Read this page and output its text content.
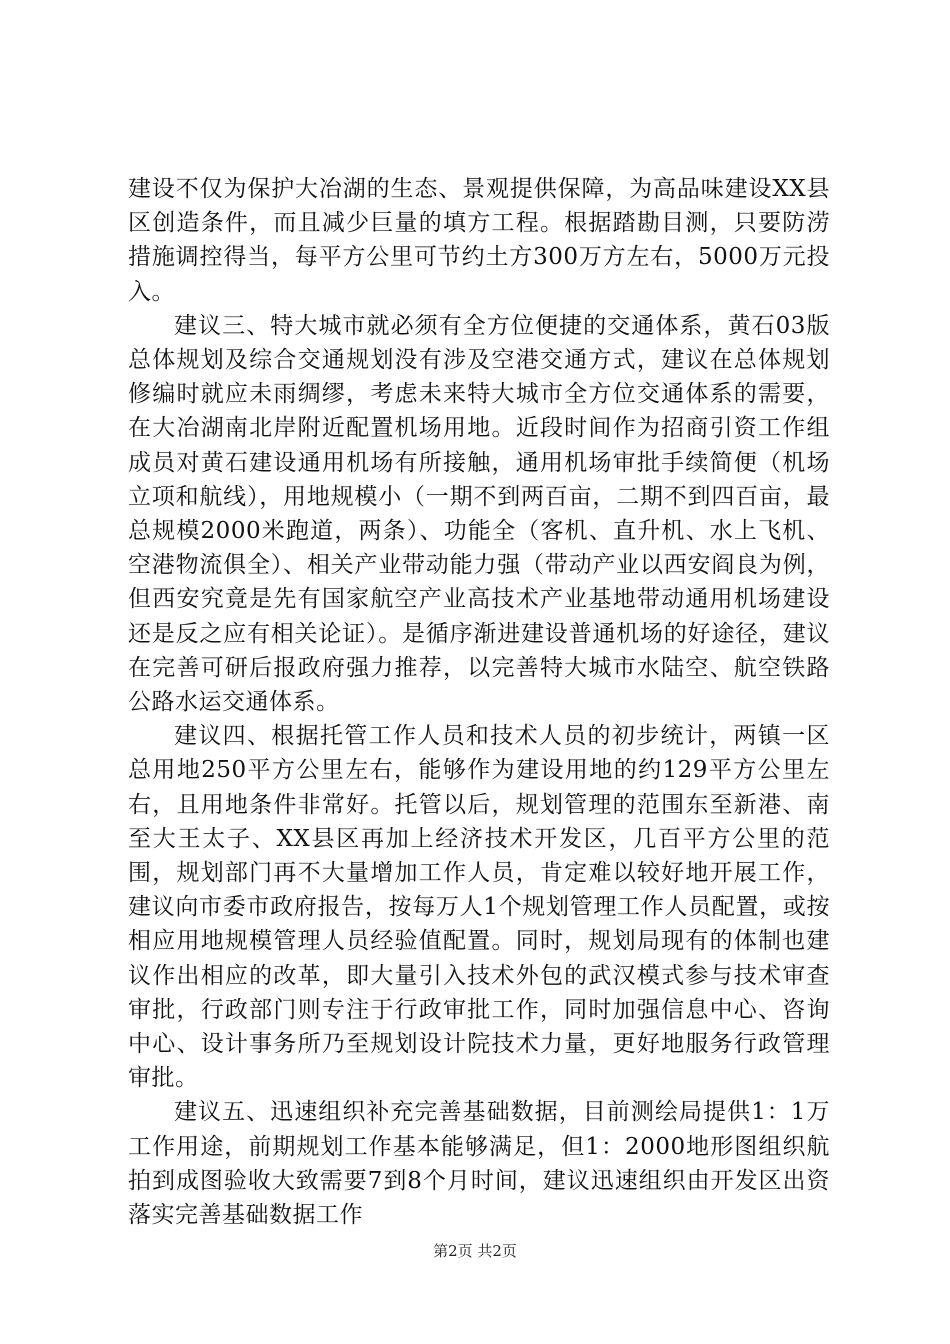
建设不仅为保护大冶湖的生态、景观提供保障，为高品味建设XX县区创造条件，而且减少巨量的填方工程。根据踏勘目测，只要防涝措施调控得当，每平方公里可节约土方300万方左右，5000万元投入。

建议三、特大城市就必须有全方位便捷的交通体系，黄石03版总体规划及综合交通规划没有涉及空港交通方式，建议在总体规划修编时就应未雨绸缪，考虑未来特大城市全方位交通体系的需要，在大冶湖南北岸附近配置机场用地。近段时间作为招商引资工作组成员对黄石建设通用机场有所接触，通用机场审批手续简便（机场立项和航线），用地规模小（一期不到两百亩，二期不到四百亩，最总规模2000米跑道，两条）、功能全（客机、直升机、水上飞机、空港物流俱全）、相关产业带动能力强（带动产业以西安阎良为例，但西安究竟是先有国家航空产业高技术产业基地带动通用机场建设还是反之应有相关论证）。是循序渐进建设普通机场的好途径，建议在完善可研后报政府强力推荐，以完善特大城市水陆空、航空铁路公路水运交通体系。

建议四、根据托管工作人员和技术人员的初步统计，两镇一区总用地250平方公里左右，能够作为建设用地的约129平方公里左右，且用地条件非常好。托管以后，规划管理的范围东至新港、南至大王太子、XX县区再加上经济技术开发区，几百平方公里的范围，规划部门再不大量增加工作人员，肯定难以较好地开展工作，建议向市委市政府报告，按每万人1个规划管理工作人员配置，或按相应用地规模管理人员经验值配置。同时，规划局现有的体制也建议作出相应的改革，即大量引入技术外包的武汉模式参与技术审查审批，行政部门则专注于行政审批工作，同时加强信息中心、咨询中心、设计事务所乃至规划设计院技术力量，更好地服务行政管理审批。

建议五、迅速组织补充完善基础数据，目前测绘局提供1：1万工作用途，前期规划工作基本能够满足，但1：2000地形图组织航拍到成图验收大致需要7到8个月时间，建议迅速组织由开发区出资落实完善基础数据工作

第2页 共2页
